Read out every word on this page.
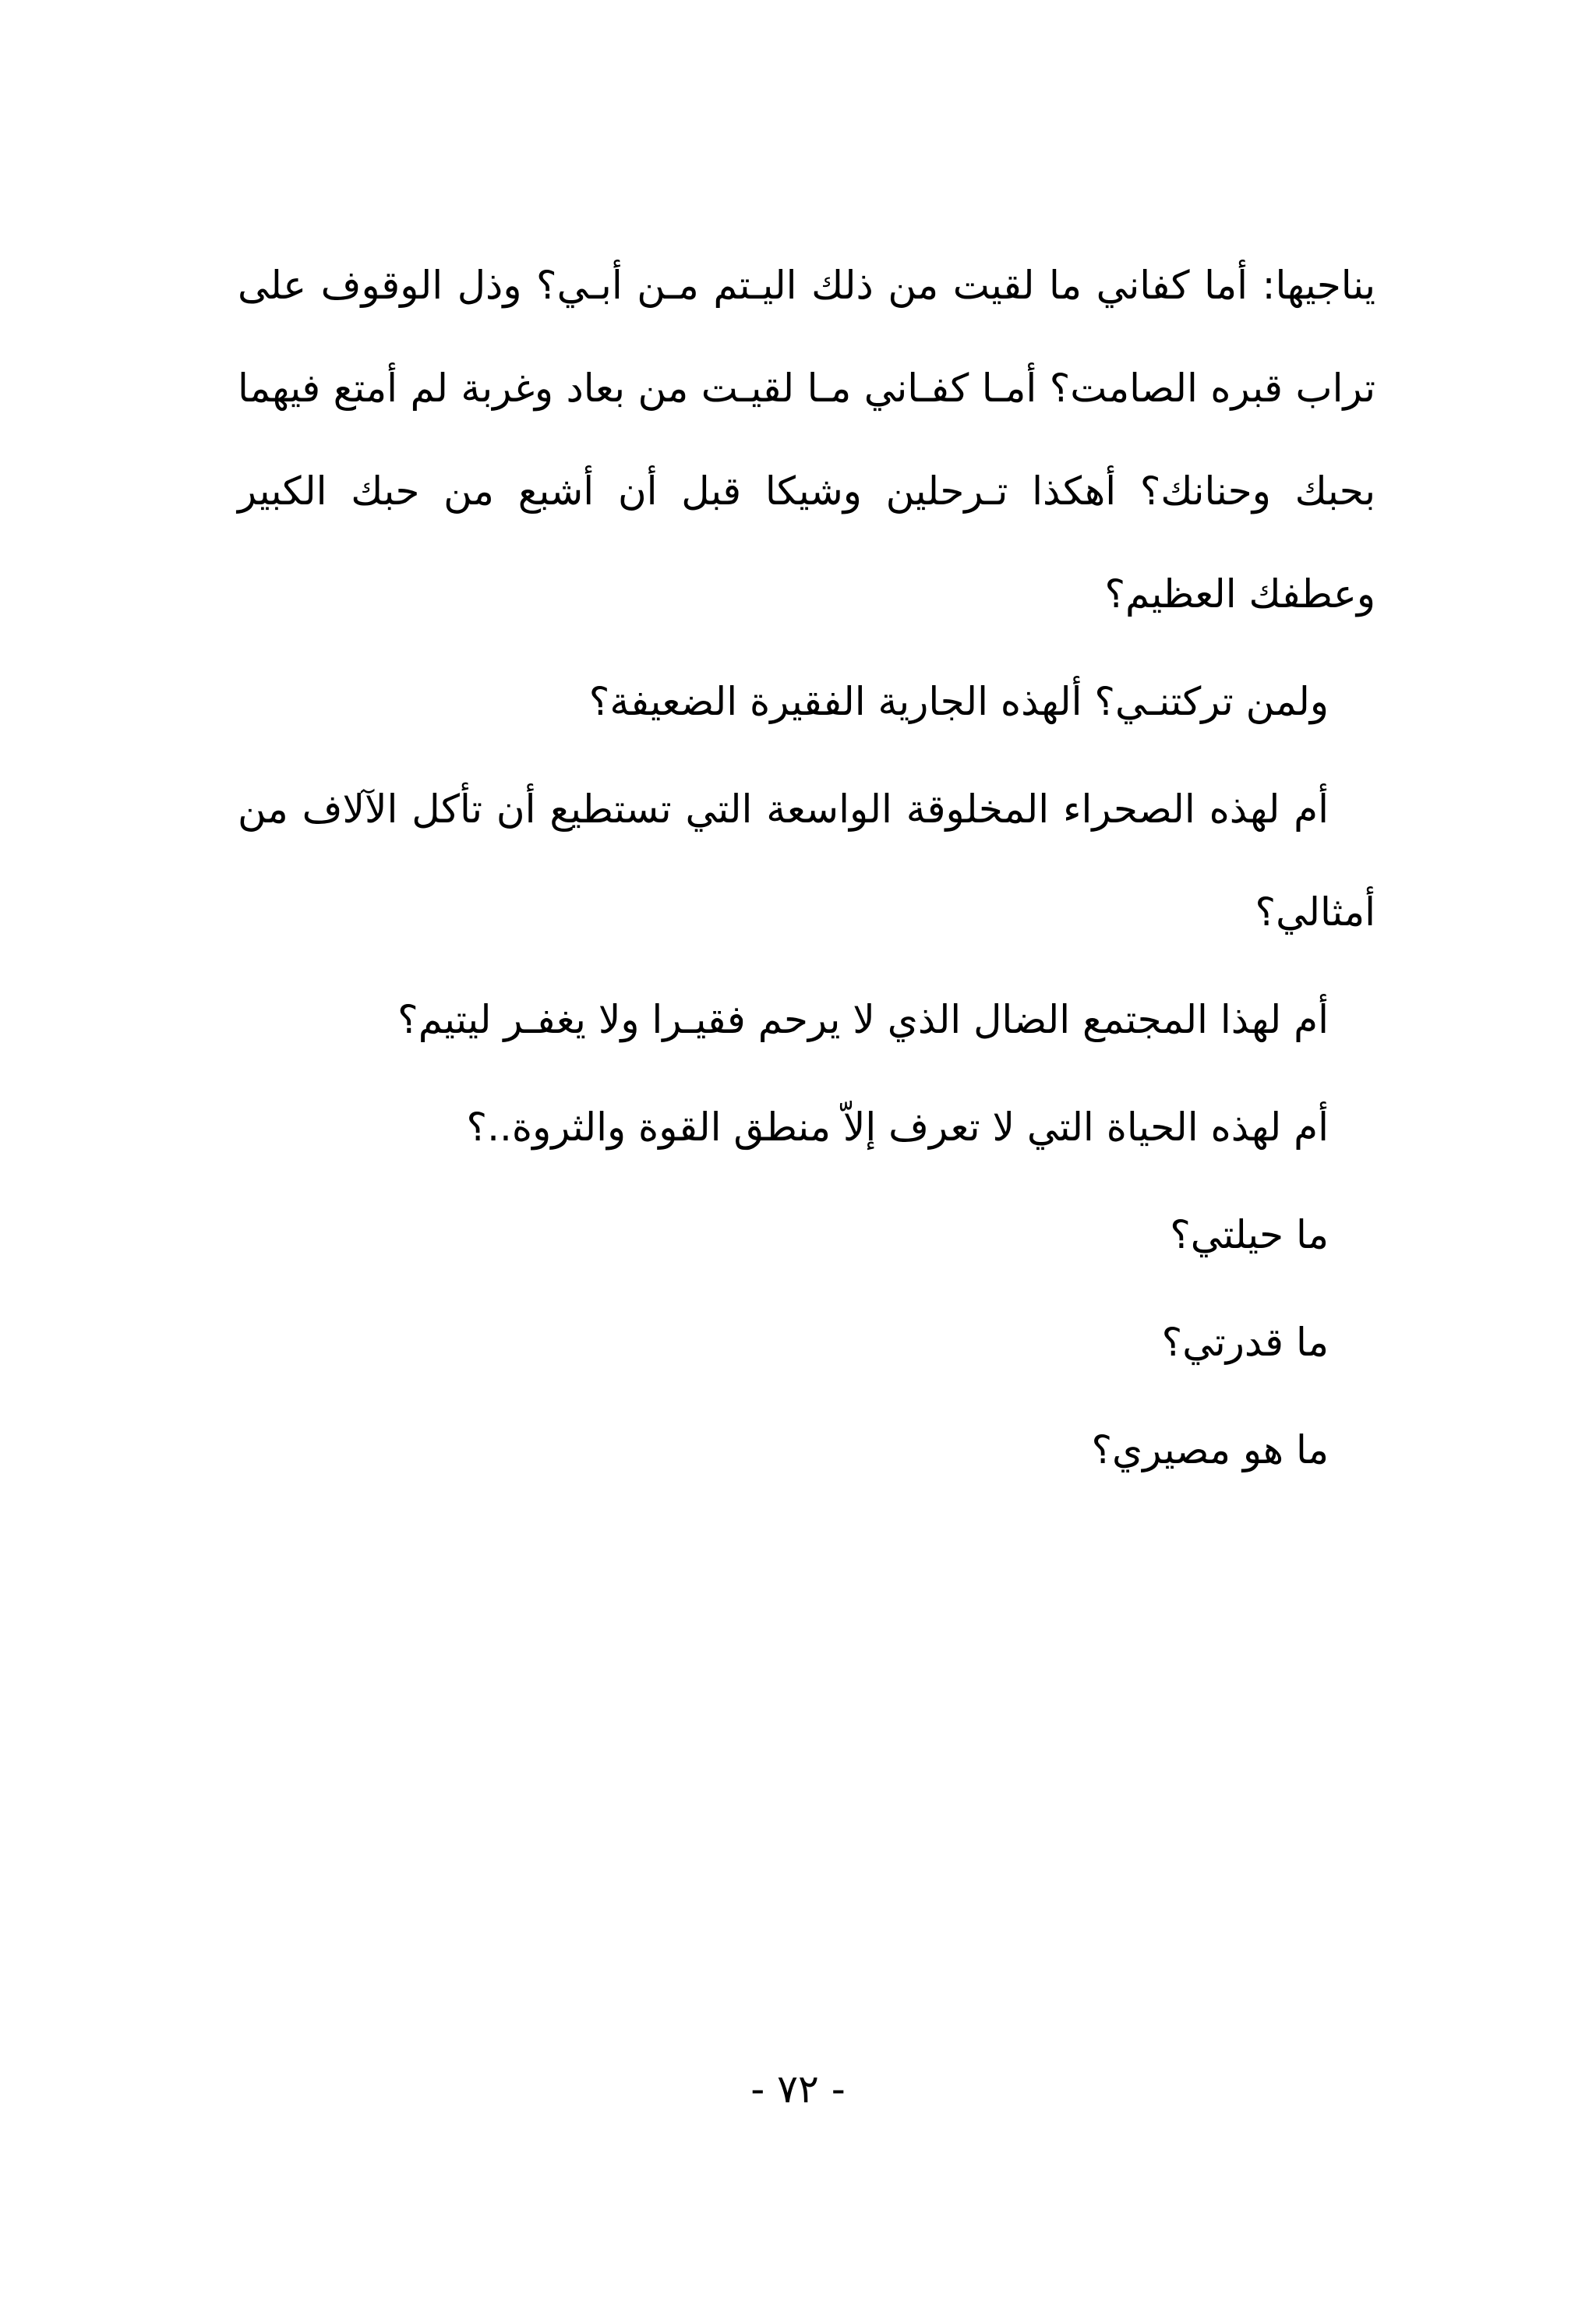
يناجيها: أما كفاني ما لقيت من ذلك اليـتم مـن أبـي؟ وذل الوقوف على تراب قبره الصامت؟ أمـا كفـاني مـا لقيـت من بعاد وغربة لم أمتع فيهما بحبك وحنانك؟ أهكذا تـرحلين وشيكا قبل أن أشبع من حبك الكبير وعطفك العظيم؟

ولمن تركتنـي؟ ألهذه الجارية الفقيرة الضعيفة؟

أم لهذه الصحراء المخلوقة الواسعة التي تستطيع أن تأكل الآلاف من أمثالي؟

أم لهذا المجتمع الضال الذي لا يرحم فقيـرا ولا يغفـر ليتيم؟

أم لهذه الحياة التي لا تعرف إلاّ منطق القوة والثروة..؟

ما حيلتي؟

ما قدرتي؟

ما هو مصيري؟

- ٧٢ -
